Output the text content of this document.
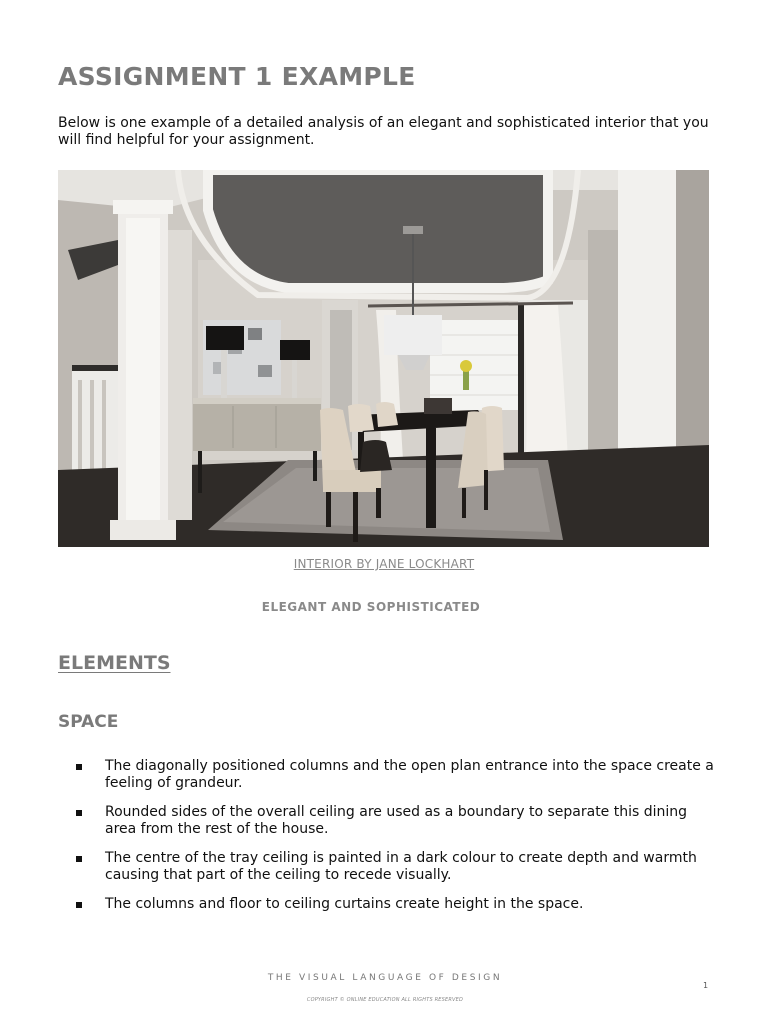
ASSIGNMENT 1 EXAMPLE

Below is one example of a detailed analysis of an elegant and sophisticated interior that you will find helpful for your assignment.

INTERIOR BY JANE LOCKHART
ELEGANT AND SOPHISTICATED
ELEMENTS
SPACE
The diagonally positioned columns and the open plan entrance into the space create a feeling of grandeur.
Rounded sides of the overall ceiling are used as a boundary to separate this dining area from the rest of the house.
The centre of the tray ceiling is painted in a dark colour to create depth and warmth causing that part of the ceiling to recede visually.
The columns and floor to ceiling curtains create height in the space.
THE VISUAL LANGUAGE OF DESIGN
1
COPYRIGHT © ONLINE EDUCATION ALL RIGHTS RESERVED
